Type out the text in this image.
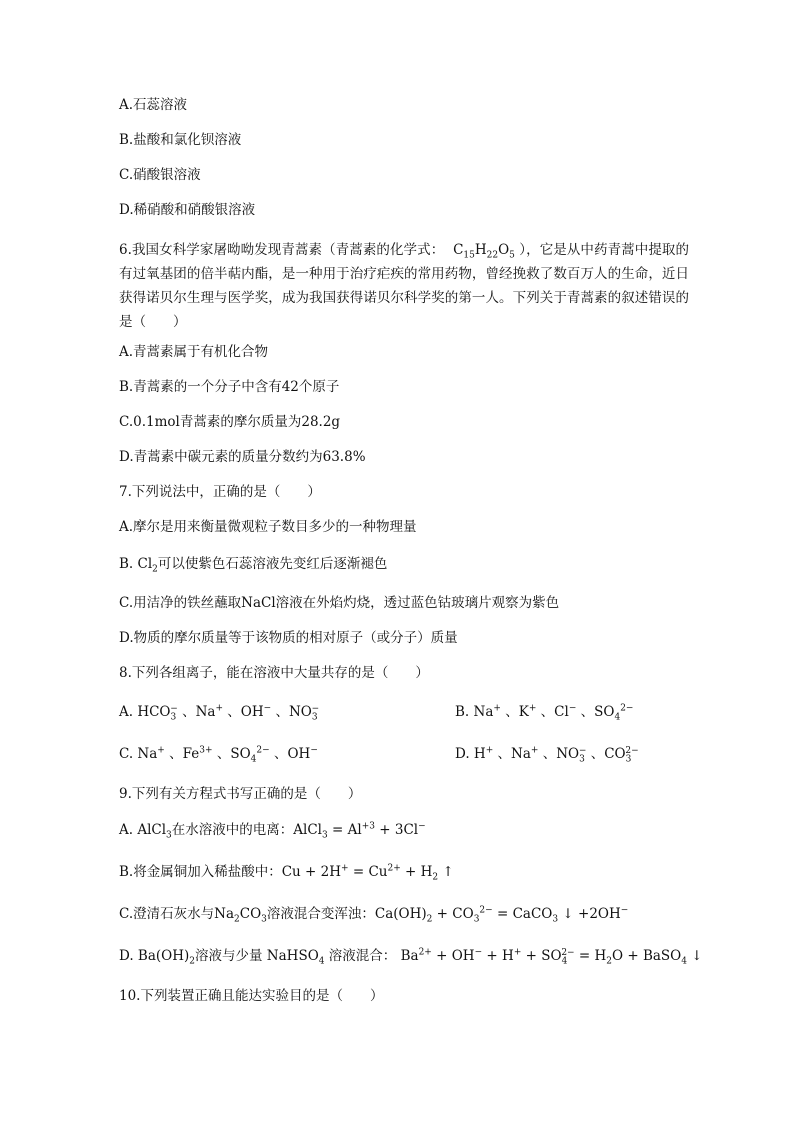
A.石蕊溶液
B.盐酸和氯化钡溶液
C.硝酸银溶液
D.稀硝酸和硝酸银溶液
6.我国女科学家屠呦呦发现青蒿素（青蒿素的化学式： $C_{15}H_{22}O_5$ ），它是从中药青蒿中提取的有过氧基团的倍半萜内酯，是一种用于治疗疟疾的常用药物，曾经挽救了数百万人的生命，近日获得诺贝尔生理与医学奖，成为我国获得诺贝尔科学奖的第一人。下列关于青蒿素的叙述错误的是（　　）
A.青蒿素属于有机化合物
B.青蒿素的一个分子中含有42个原子
C.0.1mol青蒿素的摩尔质量为28.2g
D.青蒿素中碳元素的质量分数约为63.8%
7.下列说法中，正确的是（　　）
A.摩尔是用来衡量微观粒子数目多少的一种物理量
B. $Cl_2$可以使紫色石蕊溶液先变红后逐渐褪色
C.用洁净的铁丝蘸取NaCl溶液在外焰灼烧，透过蓝色钴玻璃片观察为紫色
D.物质的摩尔质量等于该物质的相对原子（或分子）质量
8.下列各组离子，能在溶液中大量共存的是（　　）
A. $HCO_3^-$ 、Na+ 、OH− 、$NO_3^-$	B. Na+ 、K+ 、Cl− 、$SO_4^{2-}$
C. Na+ 、$Fe^{3+}$ 、$SO_4^{2-}$ 、OH−	D. H+ 、Na+ 、$NO_3^-$ 、$CO_3^{2-}$
9.下列有关方程式书写正确的是（　　）
A. AlCl$_3$在水溶液中的电离：AlCl$_3$ = $Al^{+3} + 3Cl^-$
B.将金属铜加入稀盐酸中：$Cu + 2H^+ = Cu^{2+} + H_2$ ↑
C.澄清石灰水与$Na_2CO_3$溶液混合变浑浊：$Ca(OH)_2 + CO_3^{2-}$ = CaCO$_3$ ↓ +2OH−
D. $Ba(OH)_2$溶液与少量 NaHSO$_4$ 溶液混合： $Ba^{2+} + OH^- + H^+ + SO_4^{2-} = H_2O$ + BaSO$_4$ ↓
10.下列装置正确且能达实验目的是（　　）
